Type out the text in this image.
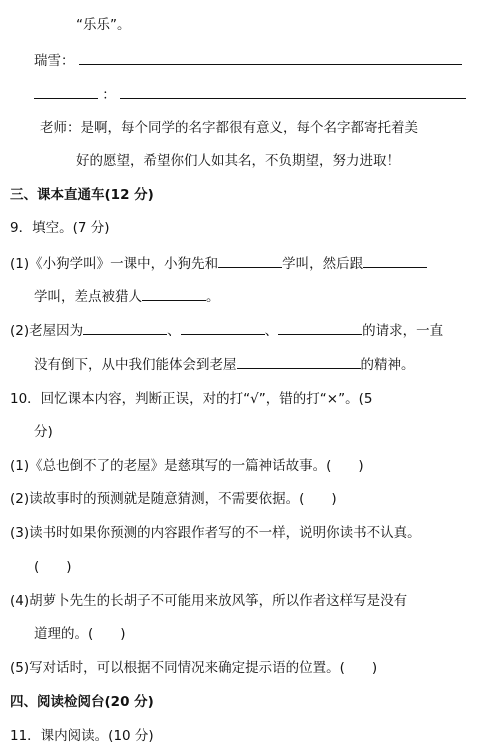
“乐乐”。
瑞雪：
：
老师：是啊，每个同学的名字都很有意义，每个名字都寄托着美
好的愿望，希望你们人如其名，不负期望，努力进取！
三、课本直通车(12 分)
9．填空。(7 分)
(1)《小狗学叫》一课中，小狗先和	学叫，然后跟
学叫，差点被猎人	。
(2)老屋因为	、	、	的请求，一直
没有倒下，从中我们能体会到老屋	的精神。
10．回忆课本内容，判断正误，对的打“√”，错的打“×”。(5
分)
(1)《总也倒不了的老屋》是慈琪写的一篇神话故事。(　　)
(2)读故事时的预测就是随意猜测，不需要依据。(　　)
(3)读书时如果你预测的内容跟作者写的不一样，说明你读书不认真。
(　　)
(4)胡萝卜先生的长胡子不可能用来放风筝，所以作者这样写是没有
道理的。(　　)
(5)写对话时，可以根据不同情况来确定提示语的位置。(　　)
四、阅读检阅台(20 分)
11．课内阅读。(10 分)
